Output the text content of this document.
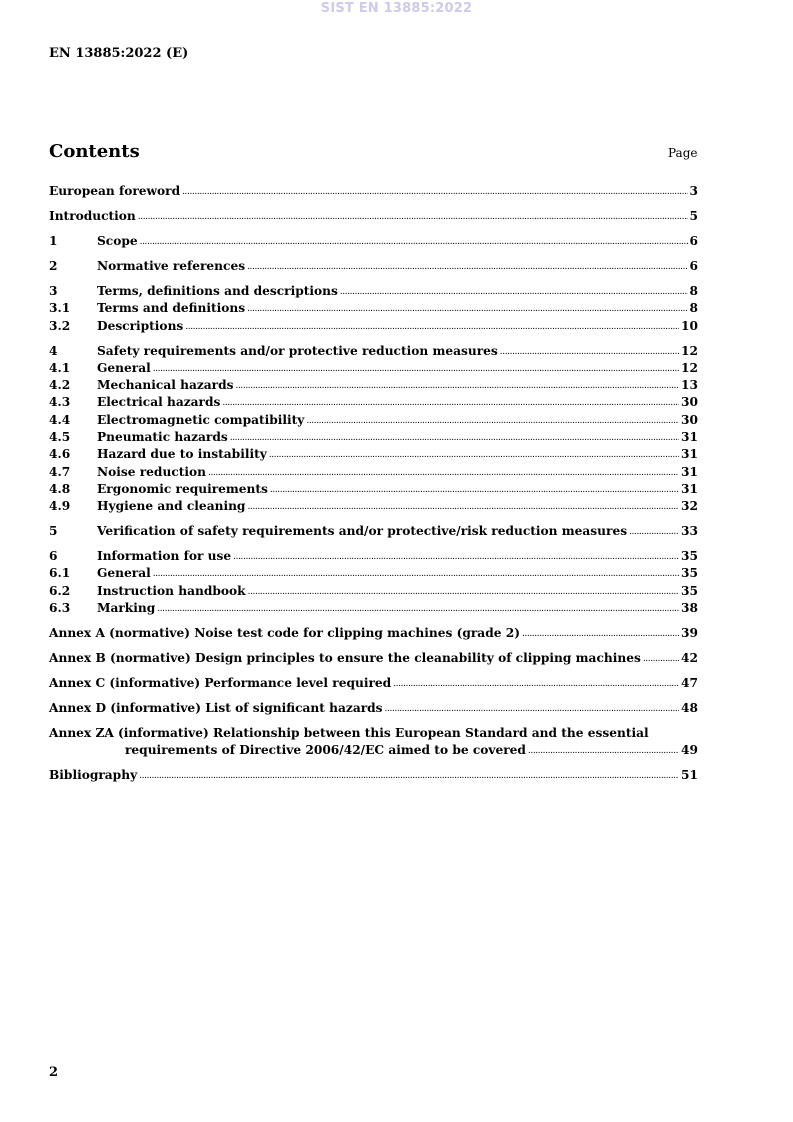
SIST EN 13885:2022
EN 13885:2022 (E)
Contents	Page
European foreword .....	3
Introduction .....	5
1	Scope .....	6
2	Normative references .....	6
3	Terms, definitions and descriptions .....	8
3.1	Terms and definitions .....	8
3.2	Descriptions .....	10
4	Safety requirements and/or protective reduction measures .....	12
4.1	General .....	12
4.2	Mechanical hazards .....	13
4.3	Electrical hazards .....	30
4.4	Electromagnetic compatibility .....	30
4.5	Pneumatic hazards .....	31
4.6	Hazard due to instability .....	31
4.7	Noise reduction .....	31
4.8	Ergonomic requirements .....	31
4.9	Hygiene and cleaning .....	32
5	Verification of safety requirements and/or protective/risk reduction measures .....	33
6	Information for use .....	35
6.1	General .....	35
6.2	Instruction handbook .....	35
6.3	Marking .....	38
Annex A (normative) Noise test code for clipping machines (grade 2) .....	39
Annex B (normative) Design principles to ensure the cleanability of clipping machines .....	42
Annex C (informative) Performance level required .....	47
Annex D (informative) List of significant hazards .....	48
Annex ZA (informative) Relationship between this European Standard and the essential
requirements of Directive 2006/42/EC aimed to be covered .....	49
Bibliography .....	51
2
